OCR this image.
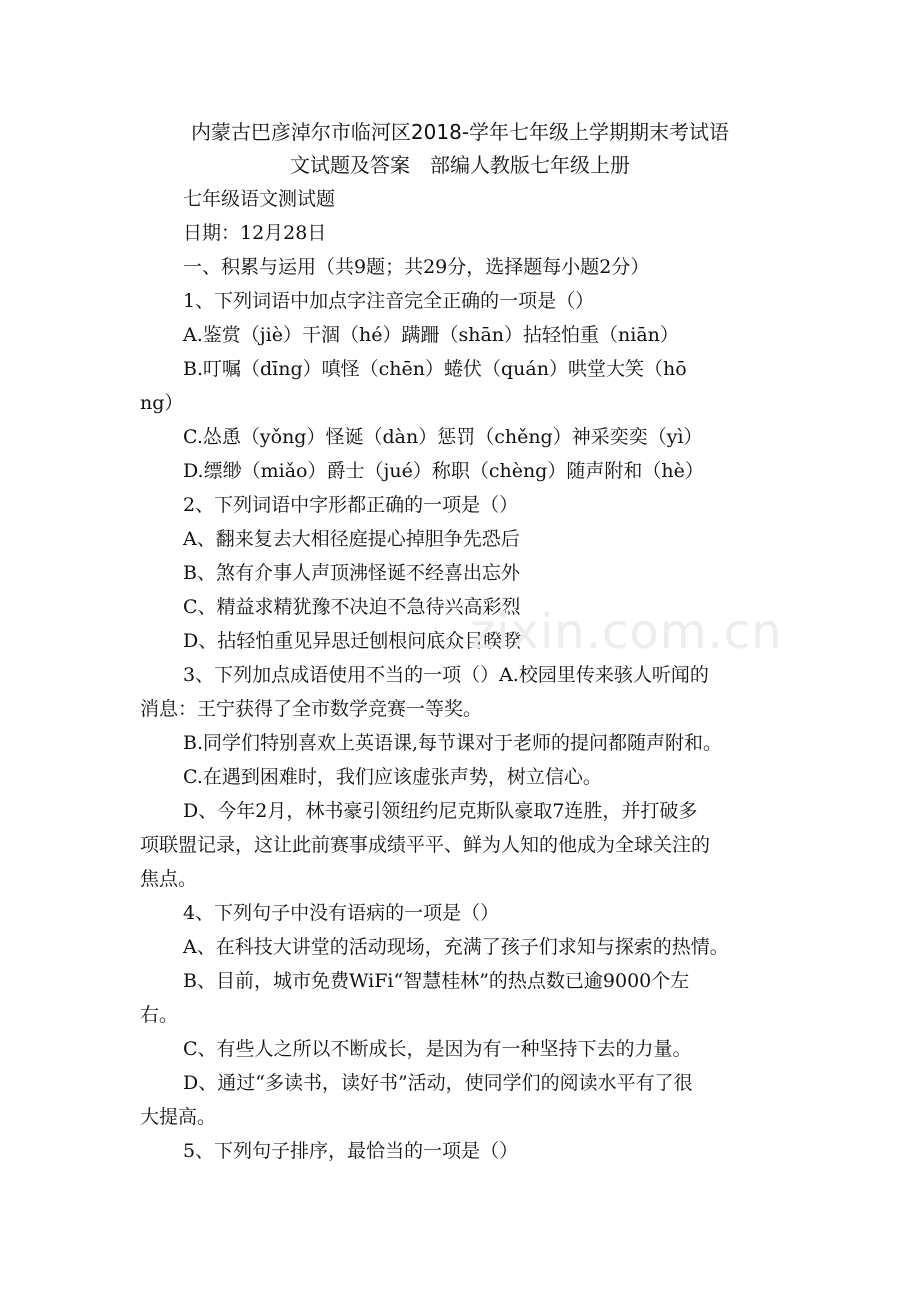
内蒙古巴彦淖尔市临河区2018-学年七年级上学期期末考试语
文试题及答案　部编人教版七年级上册

七年级语文测试题

日期：12月28日

一、积累与运用（共9题；共29分，选择题每小题2分）

1、下列词语中加点字注音完全正确的一项是（）

A.鉴赏（jiè）干涸（hé）蹒跚（shān）拈轻怕重（niān）

B.叮嘱（dīng）嗔怪（chēn）蜷伏（quán）哄堂大笑（hō

ng）

C.怂恿（yǒng）怪诞（dàn）惩罚（chěng）神采奕奕（yì）

D.缥缈（miǎo）爵士（jué）称职（chèng）随声附和（hè）

2、下列词语中字形都正确的一项是（）

A、翻来复去大相径庭提心掉胆争先恐后

B、煞有介事人声顶沸怪诞不经喜出忘外

C、精益求精犹豫不决迫不急待兴高彩烈

D、拈轻怕重见异思迁刨根问底众目睽睽

3、下列加点成语使用不当的一项（）A.校园里传来骇人听闻的

消息：王宁获得了全市数学竞赛一等奖。

B.同学们特别喜欢上英语课,每节课对于老师的提问都随声附和。

C.在遇到困难时，我们应该虚张声势，树立信心。

D、今年2月，林书豪引领纽约尼克斯队豪取7连胜，并打破多

项联盟记录，这让此前赛事成绩平平、鲜为人知的他成为全球关注的

焦点。

4、下列句子中没有语病的一项是（）

A、在科技大讲堂的活动现场，充满了孩子们求知与探索的热情。

B、目前，城市免费WiFi“智慧桂林”的热点数已逾9000个左

右。

C、有些人之所以不断成长，是因为有一种坚持下去的力量。

D、通过“多读书，读好书”活动，使同学们的阅读水平有了很

大提高。

5、下列句子排序，最恰当的一项是（）

zixin.com.cn
